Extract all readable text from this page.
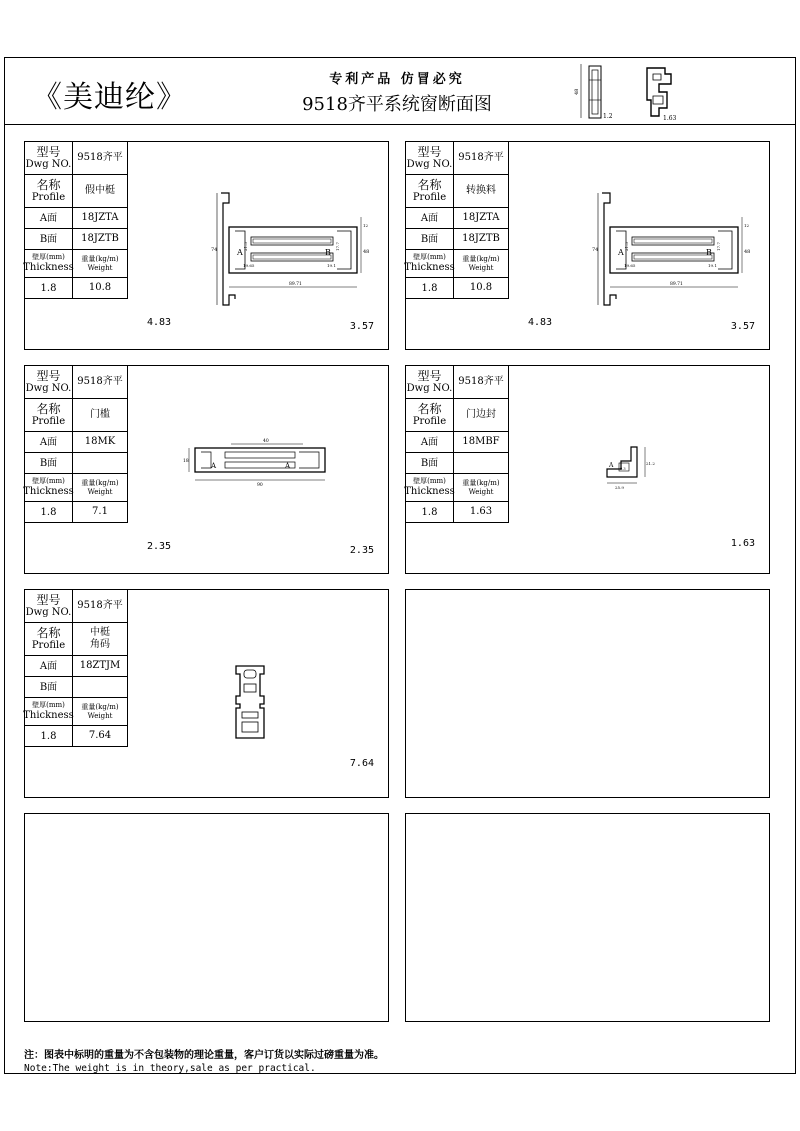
《美迪纶》
专利产品 仿冒必究
9518齐平系统窗断面图
48
1.2	1.63
型号
Dwg NO.
9518齐平
名称
Profile
假中梃
A面	18JZTA
B面	18JZTB
壁厚(mm)
Thickness
重量(kg/m)
Weight
1.8	10.8
74 A	B
19.65	19.1
21.3	17.7
12
48
89.71
4.83	3.57
型号
Dwg NO.
9518齐平
名称
Profile
转换料
A面	18JZTA
B面	18JZTB
壁厚(mm)
Thickness
重量(kg/m)
Weight
1.8	10.8
74 A	B
19.65	19.1
21.3	17.7
12
48
89.71
4.83	3.57
型号
Dwg NO.
9518齐平
名称
Profile
门槛
A面	18MK
B面
壁厚(mm)
Thickness
重量(kg/m)
Weight
1.8	7.1
40
A	A
18
90
2.35	2.35
型号
Dwg NO.
9518齐平
名称
Profile
门边封
A面	18MBF
B面
壁厚(mm)
Thickness
重量(kg/m)
Weight
1.8	1.63
A 9.3
21.2
25.9
1.63
型号
Dwg NO.
9518齐平
名称
Profile
中梃
角码
A面	18ZTJM
B面
壁厚(mm)
Thickness
重量(kg/m)
Weight
1.8	7.64
7.64
注：图表中标明的重量为不含包装物的理论重量，客户订货以实际过磅重量为准。
Note:The weight is in theory,sale as per practical.
